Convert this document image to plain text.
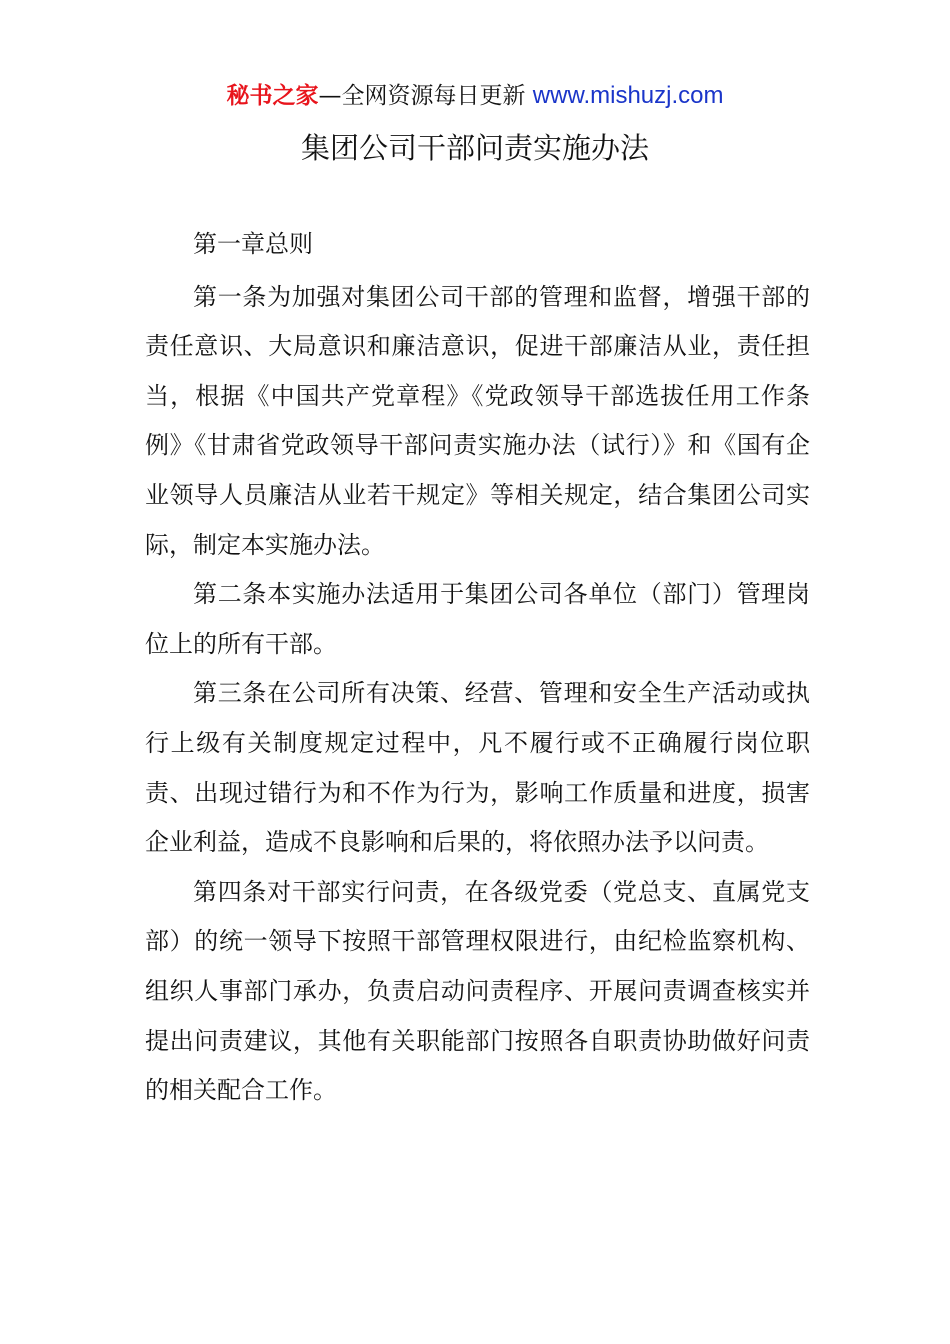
秘书之家—全网资源每日更新 www.mishuzj.com
集团公司干部问责实施办法

第一章总则

第一条为加强对集团公司干部的管理和监督，增强干部的责任意识、大局意识和廉洁意识，促进干部廉洁从业，责任担当，根据《中国共产党章程》《党政领导干部选拔任用工作条例》《甘肃省党政领导干部问责实施办法（试行）》和《国有企业领导人员廉洁从业若干规定》等相关规定，结合集团公司实际，制定本实施办法。

第二条本实施办法适用于集团公司各单位（部门）管理岗位上的所有干部。

第三条在公司所有决策、经营、管理和安全生产活动或执行上级有关制度规定过程中，凡不履行或不正确履行岗位职责、出现过错行为和不作为行为，影响工作质量和进度，损害企业利益，造成不良影响和后果的，将依照办法予以问责。

第四条对干部实行问责，在各级党委（党总支、直属党支部）的统一领导下按照干部管理权限进行，由纪检监察机构、组织人事部门承办，负责启动问责程序、开展问责调查核实并提出问责建议，其他有关职能部门按照各自职责协助做好问责的相关配合工作。
